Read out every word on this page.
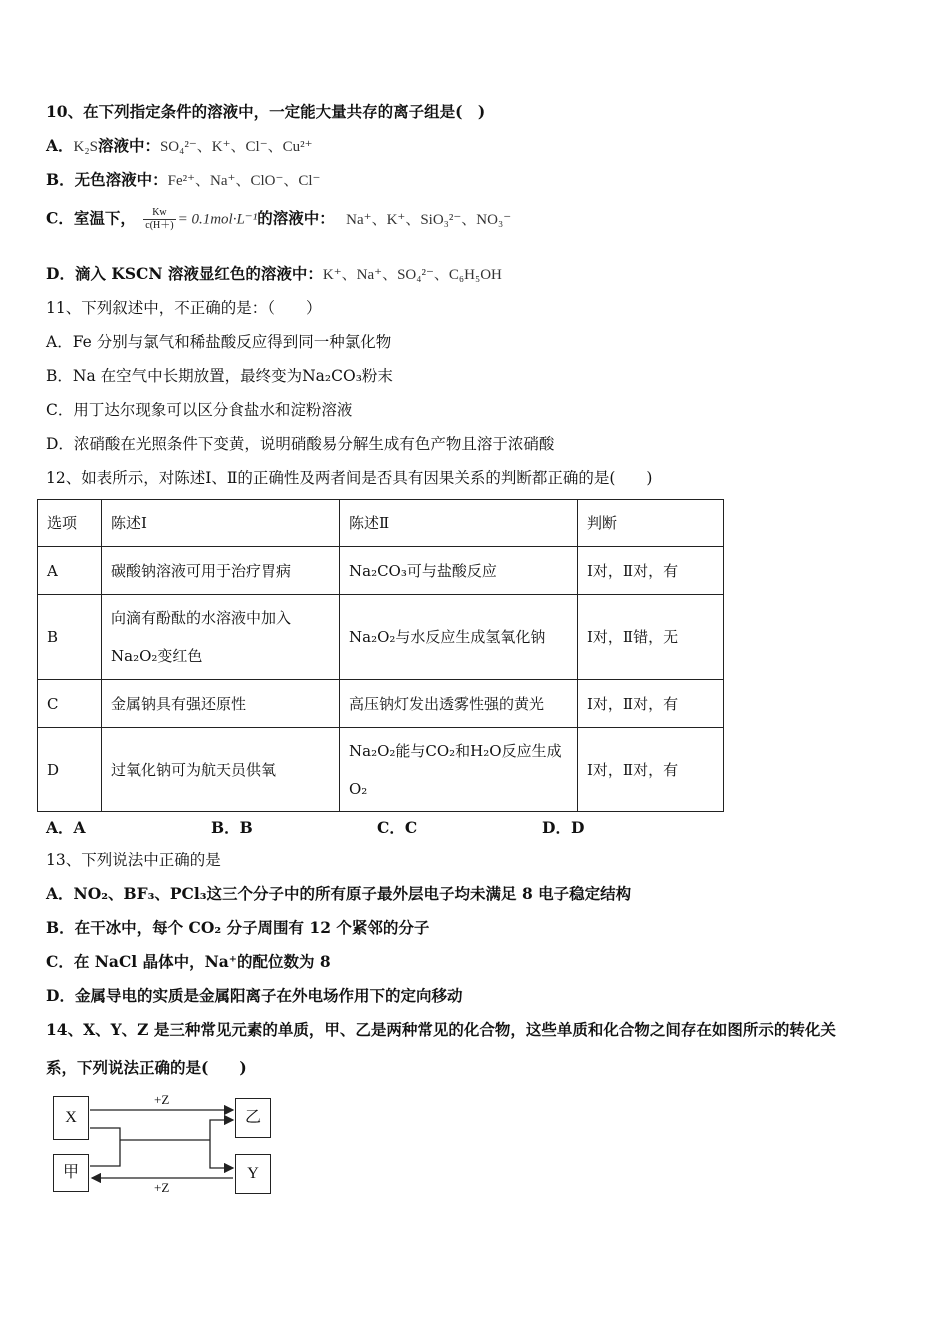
10、在下列指定条件的溶液中，一定能大量共存的离子组是(　)
A．K₂S溶液中：SO₄²⁻、K⁺、Cl⁻、Cu²⁺
B．无色溶液中：Fe²⁺、Na⁺、ClO⁻、Cl⁻
C．室温下， $\frac{Kw}{c(H+)} = 0.1mol\cdot L^{-1}$的溶液中： Na⁺、K⁺、SiO₃²⁻、NO₃⁻
D．滴入 KSCN 溶液显红色的溶液中：K⁺、Na⁺、SO₄²⁻、C₆H₅OH
11、下列叙述中，不正确的是：（　　）
A．Fe 分别与氯气和稀盐酸反应得到同一种氯化物
B．Na 在空气中长期放置，最终变为Na₂CO₃粉末
C．用丁达尔现象可以区分食盐水和淀粉溶液
D．浓硝酸在光照条件下变黄，说明硝酸易分解生成有色产物且溶于浓硝酸
12、如表所示，对陈述Ⅰ、Ⅱ的正确性及两者间是否具有因果关系的判断都正确的是(　　)
选项	陈述Ⅰ	陈述Ⅱ	判断
A	碳酸钠溶液可用于治疗胃病	Na₂CO₃可与盐酸反应	Ⅰ对，Ⅱ对，有
B	向滴有酚酞的水溶液中加入
Na₂O₂变红色	Na₂O₂与水反应生成氢氧化钠	Ⅰ对，Ⅱ错，无
C	金属钠具有强还原性	高压钠灯发出透雾性强的黄光	Ⅰ对，Ⅱ对，有
D	过氧化钠可为航天员供氧	Na₂O₂能与CO₂和H₂O反应生成
O₂	Ⅰ对，Ⅱ对，有
A．A	B．B	C．C	D．D
13、下列说法中正确的是
A．NO₂、BF₃、PCl₃这三个分子中的所有原子最外层电子均未满足 8 电子稳定结构
B．在干冰中，每个 CO₂ 分子周围有 12 个紧邻的分子
C．在 NaCl 晶体中，Na⁺的配位数为 8
D．金属导电的实质是金属阳离子在外电场作用下的定向移动
14、X、Y、Z 是三种常见元素的单质，甲、乙是两种常见的化合物，这些单质和化合物之间存在如图所示的转化关
系，下列说法正确的是(　　)
X
甲
乙
Y
+Z
+Z
